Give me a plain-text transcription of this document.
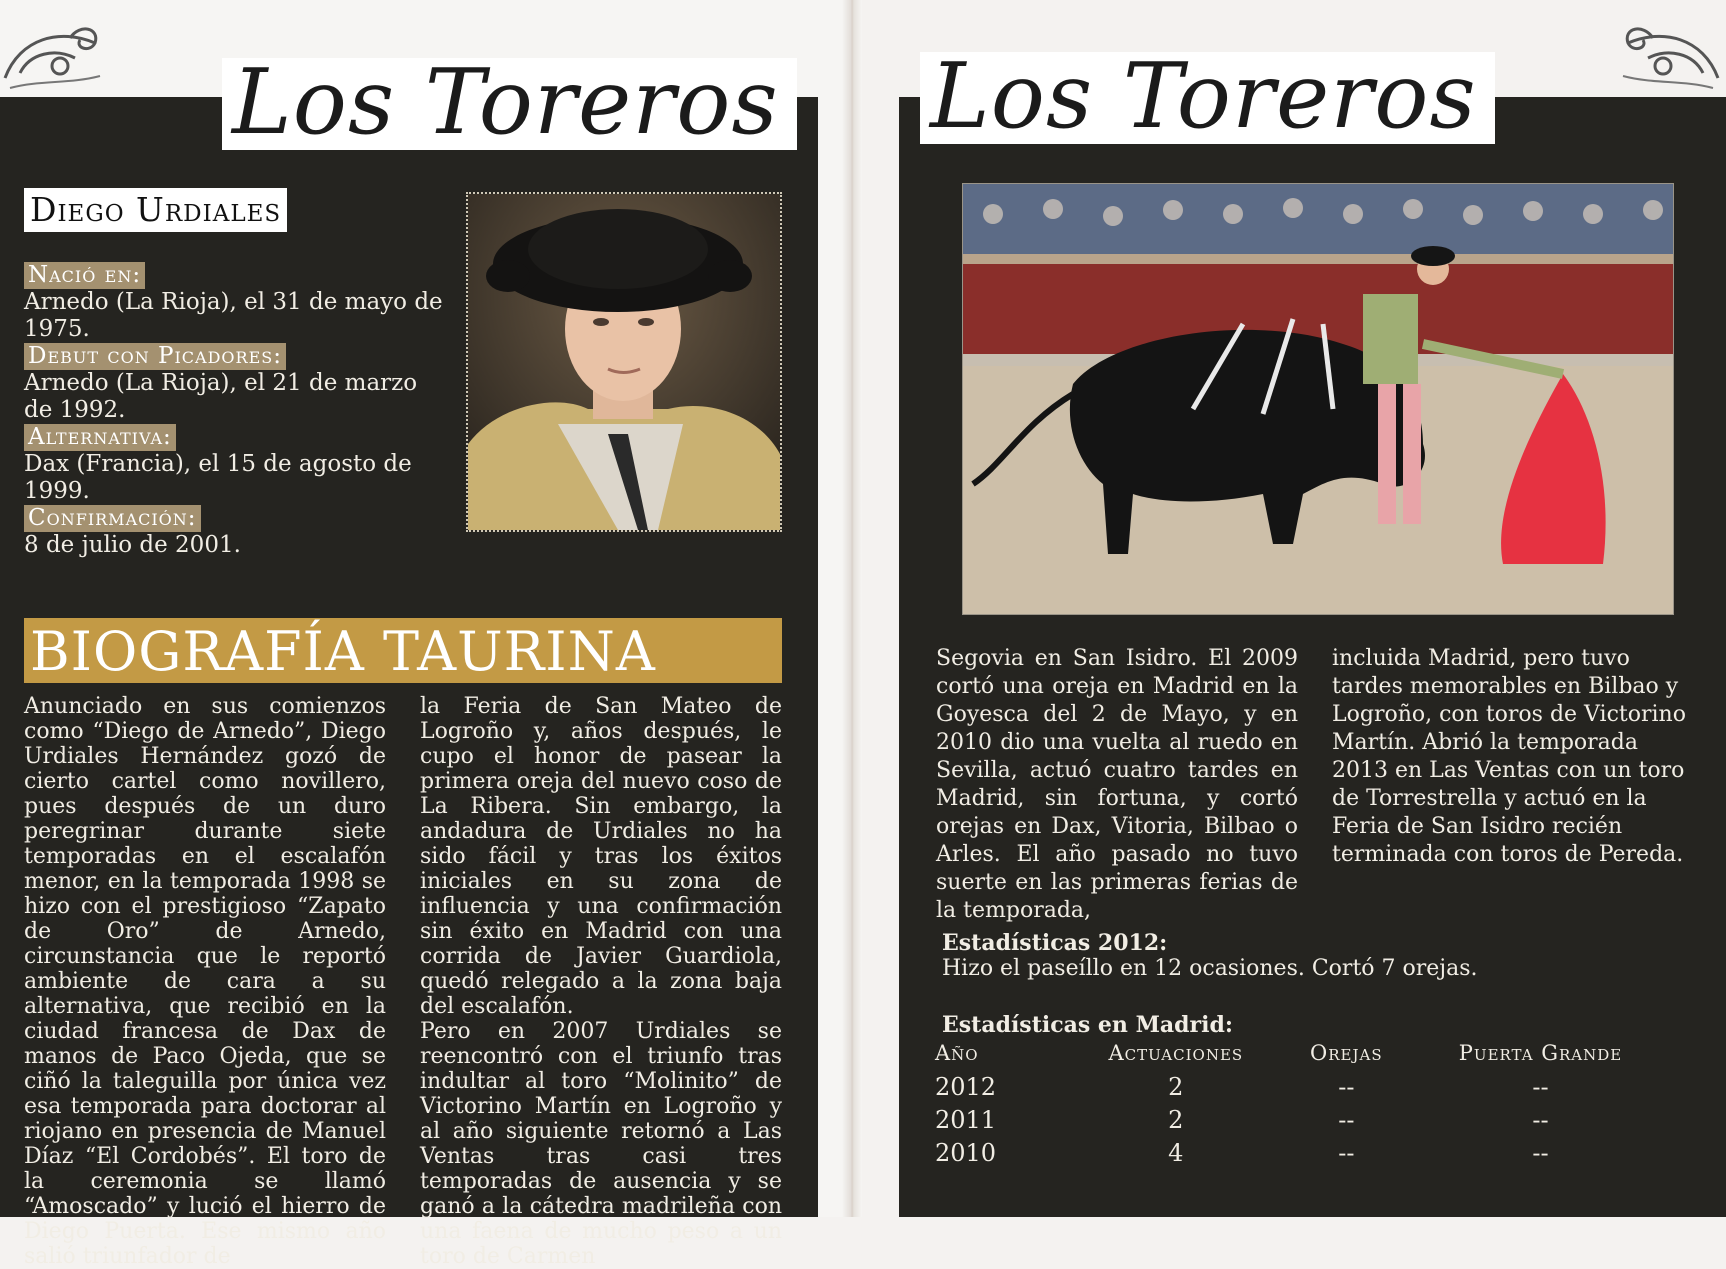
Los Toreros
Diego Urdiales
Nació en:
Arnedo (La Rioja), el 31 de mayo de 1975.
Debut con Picadores:
Arnedo (La Rioja), el 21 de marzo de 1992.
Alternativa:
Dax (Francia), el 15 de agosto de 1999.
Confirmación:
8 de julio de 2001.
BIOGRAFÍA TAURINA
Anunciado en sus comienzos como “Diego de Arnedo”, Diego Urdiales Hernández gozó de cierto cartel como novillero, pues después de un duro peregrinar durante siete temporadas en el escalafón menor, en la temporada 1998 se hizo con el prestigioso “Zapato de Oro” de Arnedo, circunstancia que le reportó ambiente de cara a su alternativa, que recibió en la ciudad francesa de Dax de manos de Paco Ojeda, que se ciñó la taleguilla por única vez esa temporada para doctorar al riojano en presencia de Manuel Díaz “El Cordobés”. El toro de la ceremonia se llamó “Amoscado” y lució el hierro de Diego Puerta. Ese mismo año salió triunfador de
la Feria de San Mateo de Logroño y, años después, le cupo el honor de pasear la primera oreja del nuevo coso de La Ribera. Sin embargo, la andadura de Urdiales no ha sido fácil y tras los éxitos iniciales en su zona de influencia y una confirmación sin éxito en Madrid con una corrida de Javier Guardiola, quedó relegado a la zona baja del escalafón.
Pero en 2007 Urdiales se reencontró con el triunfo tras indultar al toro “Molinito” de Victorino Martín en Logroño y al año siguiente retornó a Las Ventas tras casi tres temporadas de ausencia y se ganó a la cátedra madrileña con una faena de mucho peso a un toro de Carmen
Los Toreros
Segovia en San Isidro. El 2009 cortó una oreja en Madrid en la Goyesca del 2 de Mayo, y en 2010 dio una vuelta al ruedo en Sevilla, actuó cuatro tardes en Madrid, sin fortuna, y cortó orejas en Dax, Vitoria, Bilbao o Arles. El año pasado no tuvo suerte en las primeras ferias de la temporada,
incluida Madrid, pero tuvo tardes memorables en Bilbao y Logroño, con toros de Victorino Martín. Abrió la temporada 2013 en Las Ventas con un toro de Torrestrella y actuó en la Feria de San Isidro recién terminada con toros de Pereda.
Estadísticas 2012:
Hizo el paseíllo en 12 ocasiones. Cortó 7 orejas.
Estadísticas en Madrid:
Año	Actuaciones	Orejas	Puerta Grande
2012	2	--	--
2011	2	--	--
2010	4	--	--
